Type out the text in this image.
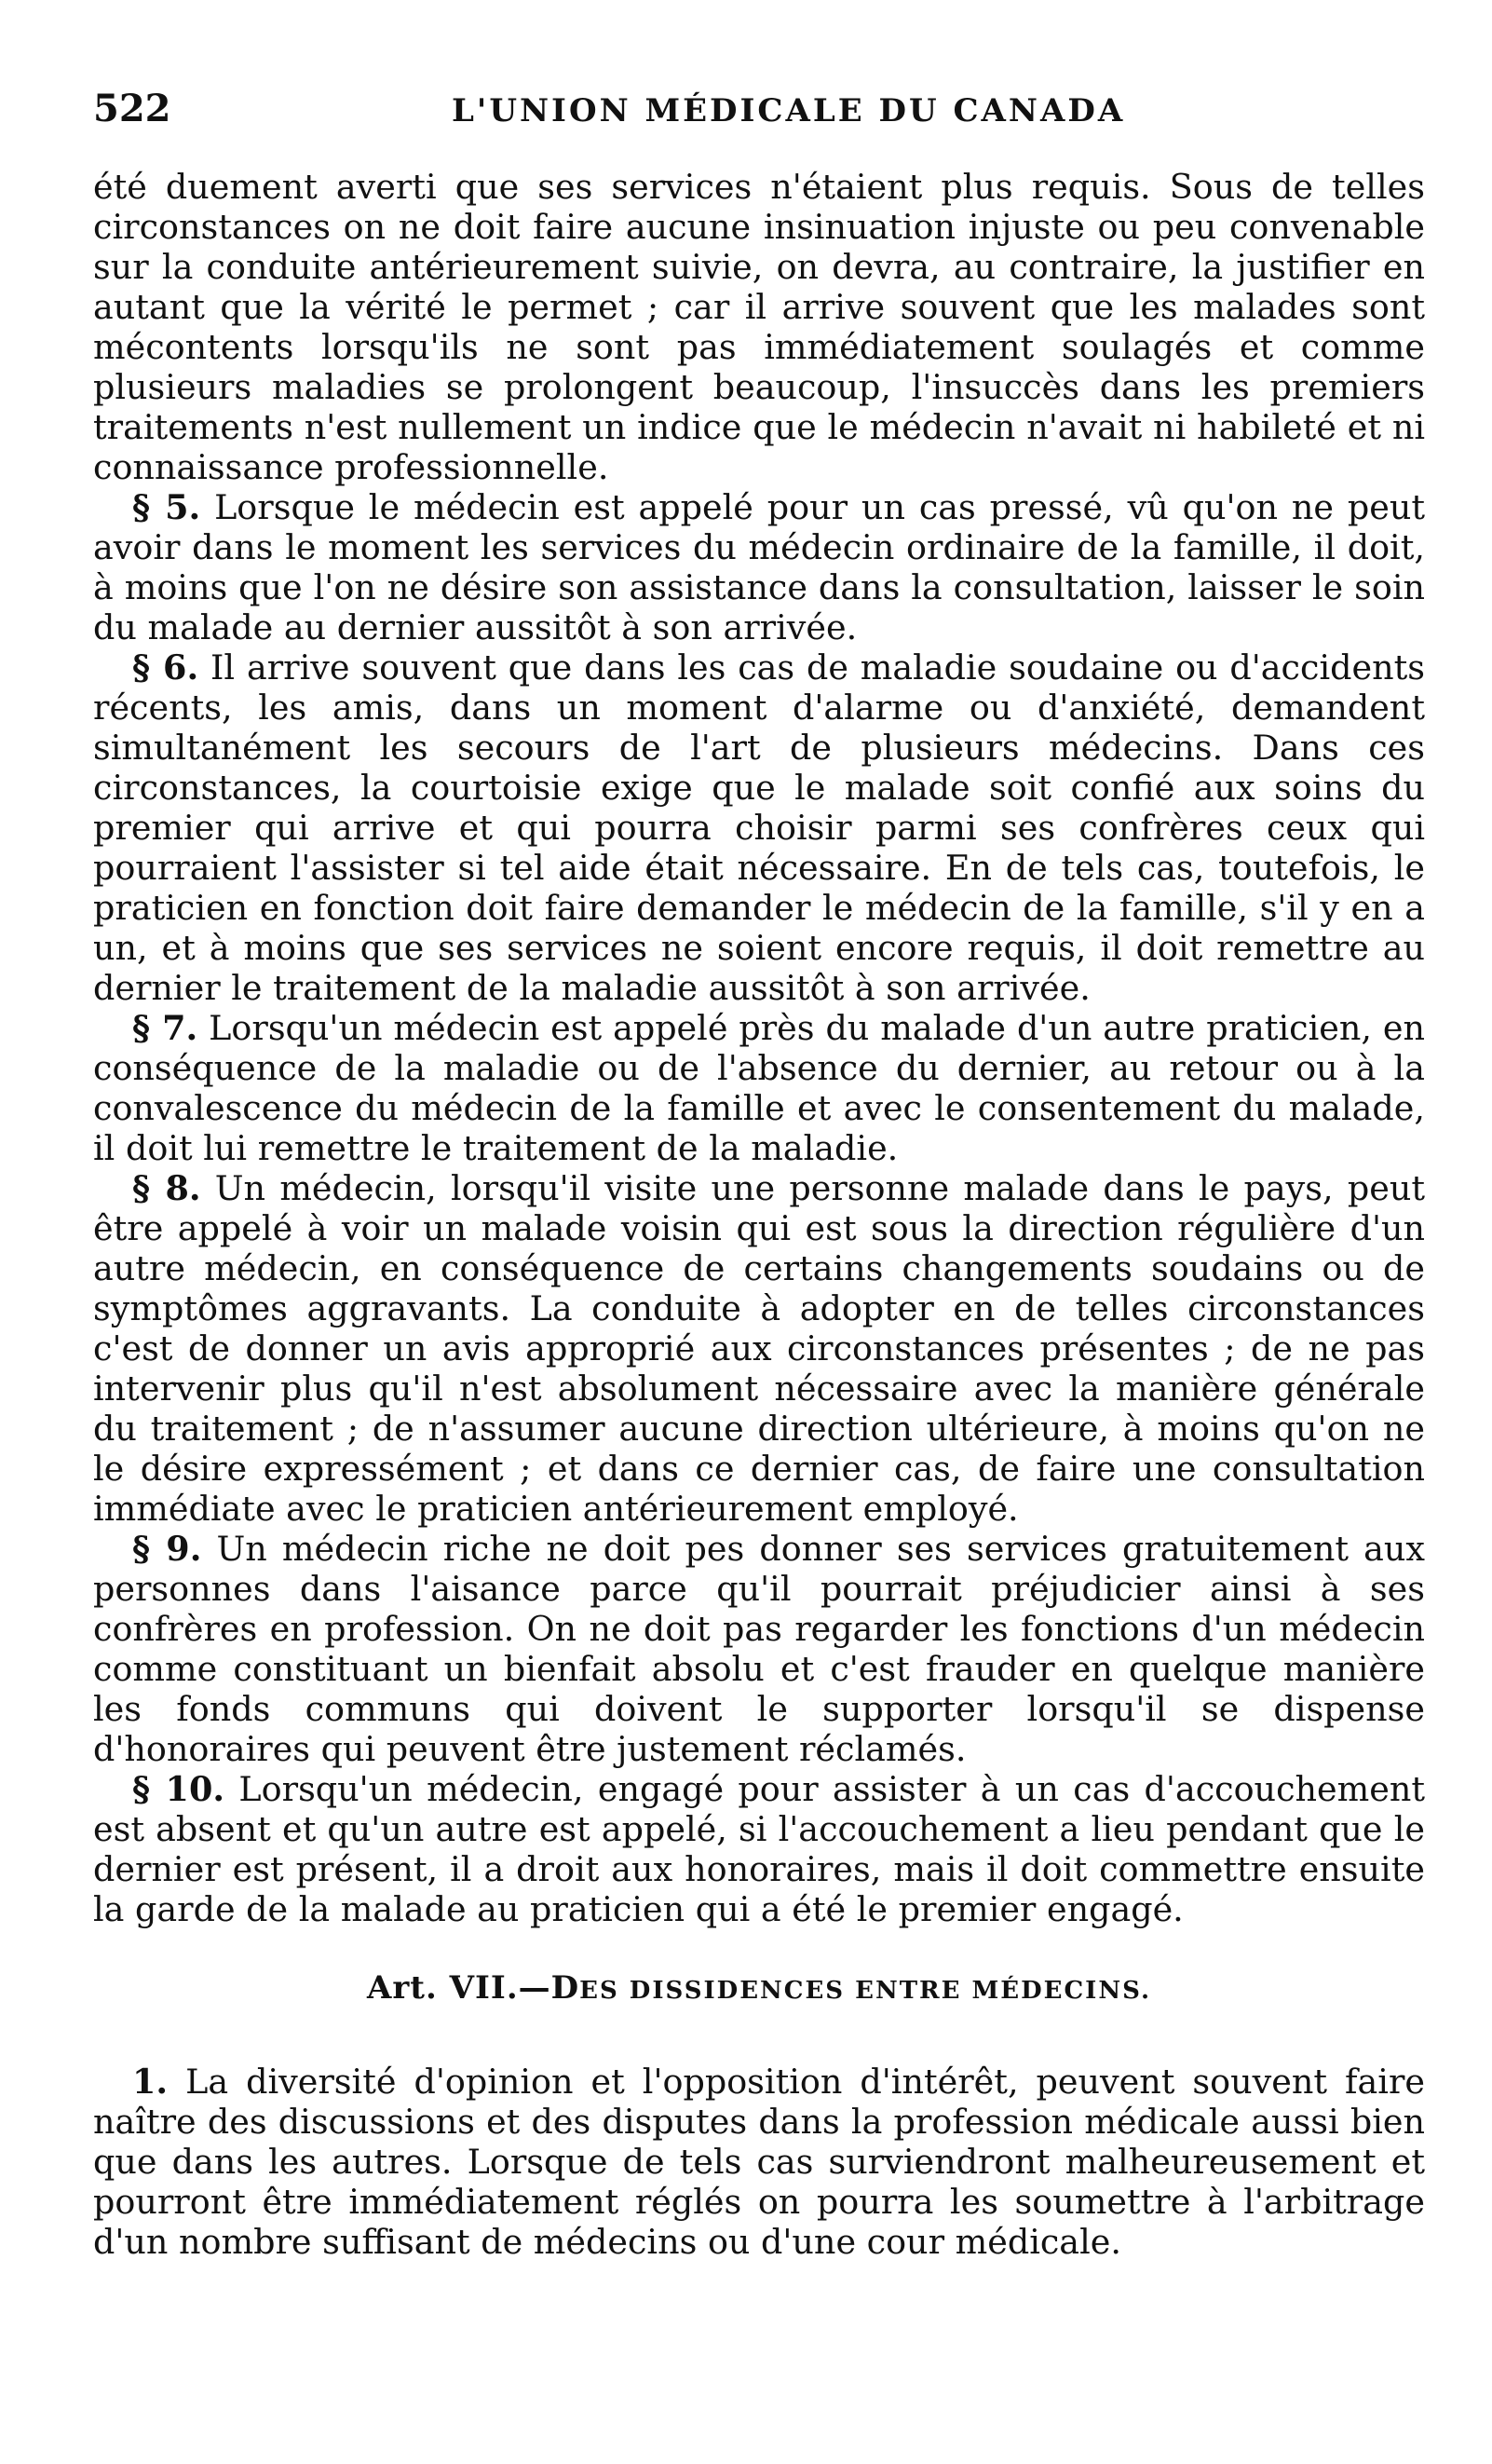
522	L'UNION MÉDICALE DU CANADA

été duement averti que ses services n'étaient plus requis. Sous de telles circonstances on ne doit faire aucune insinuation injuste ou peu convenable sur la conduite antérieurement suivie, on devra, au contraire, la justifier en autant que la vérité le permet ; car il arrive souvent que les malades sont mécontents lorsqu'ils ne sont pas immédiatement soulagés et comme plusieurs maladies se prolongent beaucoup, l'insuccès dans les premiers traitements n'est nullement un indice que le médecin n'avait ni habileté et ni connaissance professionnelle.

§ 5. Lorsque le médecin est appelé pour un cas pressé, vû qu'on ne peut avoir dans le moment les services du médecin ordinaire de la famille, il doit, à moins que l'on ne désire son assistance dans la consultation, laisser le soin du malade au dernier aussitôt à son arrivée.

§ 6. Il arrive souvent que dans les cas de maladie soudaine ou d'accidents récents, les amis, dans un moment d'alarme ou d'anxiété, demandent simultanément les secours de l'art de plusieurs médecins. Dans ces circonstances, la courtoisie exige que le malade soit confié aux soins du premier qui arrive et qui pourra choisir parmi ses confrères ceux qui pourraient l'assister si tel aide était nécessaire. En de tels cas, toutefois, le praticien en fonction doit faire demander le médecin de la famille, s'il y en a un, et à moins que ses services ne soient encore requis, il doit remettre au dernier le traitement de la maladie aussitôt à son arrivée.

§ 7. Lorsqu'un médecin est appelé près du malade d'un autre praticien, en conséquence de la maladie ou de l'absence du dernier, au retour ou à la convalescence du médecin de la famille et avec le consentement du malade, il doit lui remettre le traitement de la maladie.

§ 8. Un médecin, lorsqu'il visite une personne malade dans le pays, peut être appelé à voir un malade voisin qui est sous la direction régulière d'un autre médecin, en conséquence de certains changements soudains ou de symptômes aggravants. La conduite à adopter en de telles circonstances c'est de donner un avis approprié aux circonstances présentes ; de ne pas intervenir plus qu'il n'est absolument nécessaire avec la manière générale du traitement ; de n'assumer aucune direction ultérieure, à moins qu'on ne le désire expressément ; et dans ce dernier cas, de faire une consultation immédiate avec le praticien antérieurement employé.

§ 9. Un médecin riche ne doit pes donner ses services gratuitement aux personnes dans l'aisance parce qu'il pourrait préjudicier ainsi à ses confrères en profession. On ne doit pas regarder les fonctions d'un médecin comme constituant un bienfait absolu et c'est frauder en quelque manière les fonds communs qui doivent le supporter lorsqu'il se dispense d'honoraires qui peuvent être justement réclamés.

§ 10. Lorsqu'un médecin, engagé pour assister à un cas d'accouchement est absent et qu'un autre est appelé, si l'accouchement a lieu pendant que le dernier est présent, il a droit aux honoraires, mais il doit commettre ensuite la garde de la malade au praticien qui a été le premier engagé.

Art. VII.—DES DISSIDENCES ENTRE MÉDECINS.

1. La diversité d'opinion et l'opposition d'intérêt, peuvent souvent faire naître des discussions et des disputes dans la profession médicale aussi bien que dans les autres. Lorsque de tels cas surviendront malheureusement et pourront être immédiatement réglés on pourra les soumettre à l'arbitrage d'un nombre suffisant de médecins ou d'une cour médicale.
